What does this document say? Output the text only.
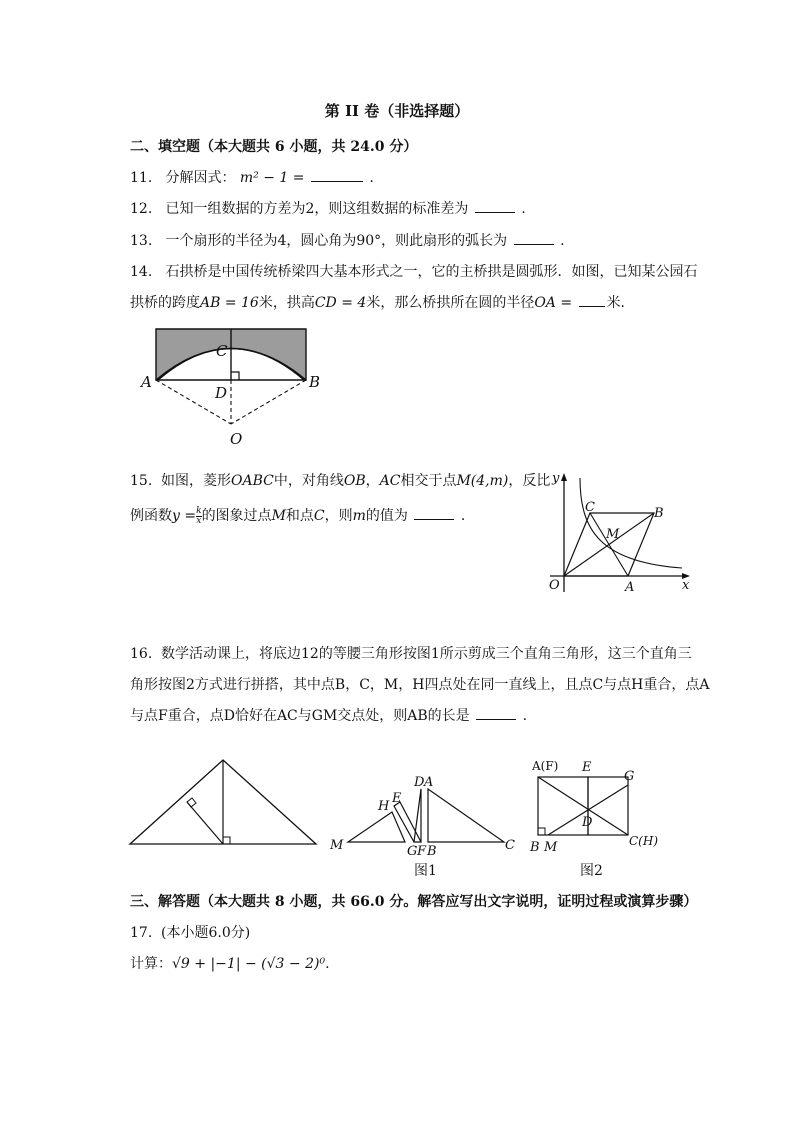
第 II 卷（非选择题）
二、填空题（本大题共 6 小题，共 24.0 分）
11. 分解因式： m² − 1 =	.
12. 已知一组数据的方差为2，则这组数据的标准差为	.
13. 一个扇形的半径为4，圆心角为90°，则此扇形的弧长为	.
14. 石拱桥是中国传统桥梁四大基本形式之一，它的主桥拱是圆弧形．如图，已知某公园石
拱桥的跨度AB = 16米，拱高CD = 4米，那么桥拱所在圆的半径OA = 米．
C
A
D
B
O
15. 如图，菱形OABC中，对角线OB，AC相交于点M(4,m)，反比
例函数$y = \frac{k}{x}$ 的图象过点M和点C，则m的值为	.
y
C	B
M
O	A	x
16. 数学活动课上，将底边12的等腰三角形按图1所示剪成三个直角三角形，这三个直角三
角形按图2方式进行拼搭，其中点B，C，M，H四点处在同一直线上，且点C与点H重合，点A
与点F重合，点D恰好在AC与GM交点处，则AB的长是	.
D A
H
E
M	G F B	C
图1
A(F) E
G
D
B M	C(H)
图2
三、解答题（本大题共 8 小题，共 66.0 分。解答应写出文字说明，证明过程或演算步骤）
17. (本小题6.0分)
计算：√9 + |−1| − (√3 − 2)⁰.
